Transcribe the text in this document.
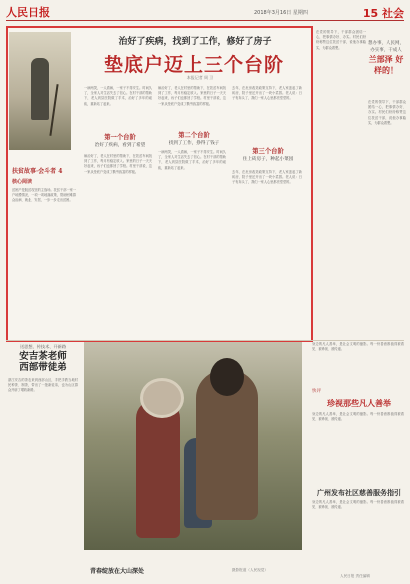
人民日报	2018年3月16日 星期四	15 社会
治好了疾病，找到了工作，修好了房子
垫底户迈上三个台阶
本报记者 周 卫
扶贫故事·会斗者 4
核心阅读
贫困户是脱贫攻坚的主战场。扶贫干部一家一户地摸情况，一项一项地落政策，帮助困难群众治病、就业、安居，一步一步走出贫困。
第一个台阶
治好了疾病，看到了希望
第二个台阶
找到了工作，挣得了钱子
第三个台阶
住上砖房子，种起小菜园
一病两哭，一人看病，一家子不得安生。时间久了，全家人对生活失去了信心。在村干部的帮助下，老人到县医院做了手术，治好了多年的顽疾，重新站了起来。
病治好了，老人在村里的帮助下，在扶贫车间找到了工作，每月有稳定收入。家里的日子一天天好起来，孩子们也都回了学校。村里干部说，这一家从垫底户变成了勤劳致富的样板。
去年，在危房改造政策支持下，老人家盖起了新砖房，院子里还开出了一块小菜园。老人说：日子有奔头了，我们一家人心里都亮堂堂的。
病治好了，老人在村里的帮助下，在扶贫车间找到了工作，每月有稳定收入。家里的日子一天天好起来，孩子们也都回了学校。村里干部说，这一家从垫底户变成了勤劳致富的样板。
一病两哭，一人看病，一家子不得安生。时间久了，全家人对生活失去了信心。在村干部的帮助下，老人到县医院做了手术，治好了多年的顽疾，重新站了起来。
去年，在危房改造政策支持下，老人家盖起了新砖房，院子里还开出了一块小菜园。老人说：日子有奔头了，我们一家人心里都亮堂堂的。
在党的领导下，干部群众团结一心，把事情办好、办实。村民们纷纷称赞这位扶贫干部，说他办事踏实，为群众着想。
想办事，人民网，办实事，干成人
兰部泽 好样的！
在党的领导下，干部群众团结一心，把事情办好、办实。村民们纷纷称赞这位扶贫干部，说他办事踏实，为群众着想。
送思想、传技术、开新路
安吉茶老师
西部带徒弟
浙江安吉的茶农来到西部山区，手把手教当地村民种茶、制茶，带出了一批新徒弟，也为山区群众开辟了增收新路。
青春绽放在大山深处	摄影报道（人民视觉）
身边的凡人善举，是社会文明的缩影。每一份善意都值得被看见、被珍视、被传递。
快评
珍视那些凡人善举
身边的凡人善举，是社会文明的缩影。每一份善意都值得被看见、被珍视、被传递。
广州发布社区慈善服务指引
身边的凡人善举，是社会文明的缩影。每一份善意都值得被看见、被珍视、被传递。
人民日报 责任编辑
